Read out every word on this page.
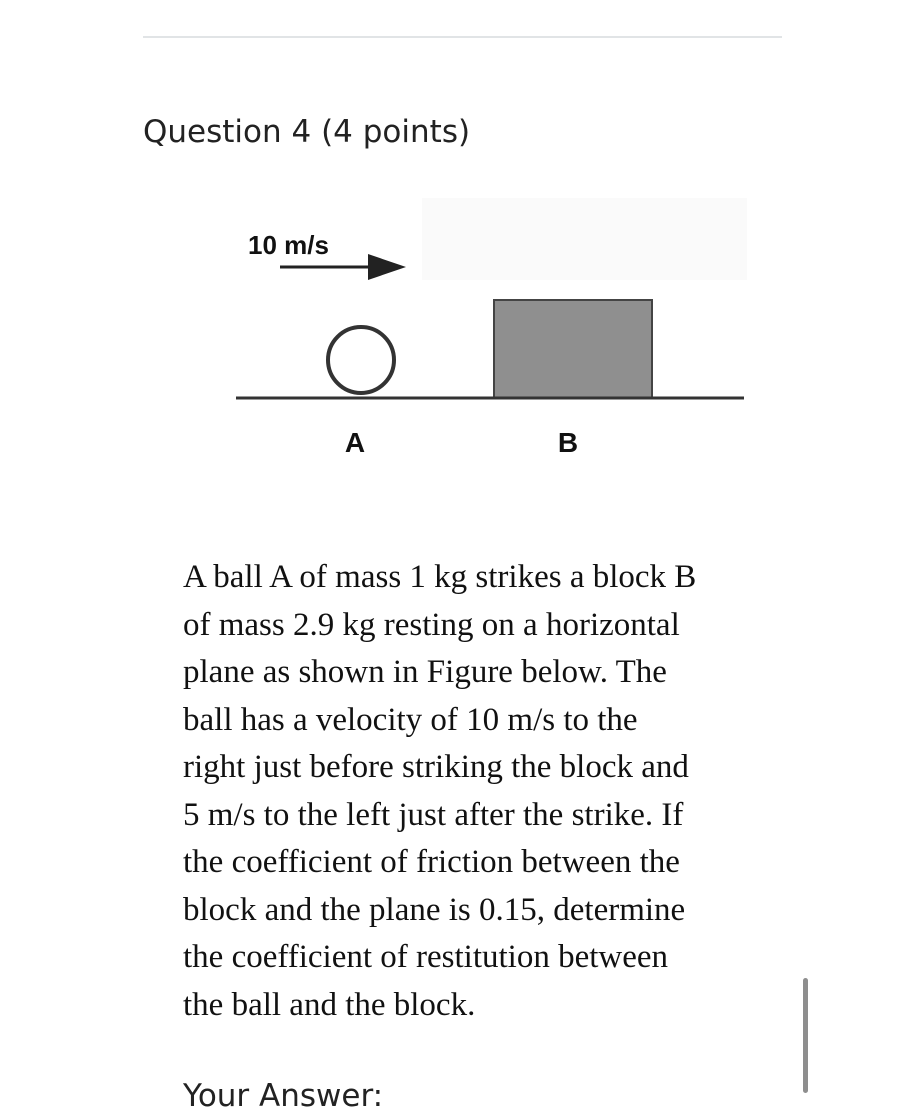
Question 4 (4 points)
10 m/s
A	B
A ball A of mass 1 kg strikes a block B
of mass 2.9 kg resting on a horizontal
plane as shown in Figure below. The
ball has a velocity of 10 m/s to the
right just before striking the block and
5 m/s to the left just after the strike. If
the coefficient of friction between the
block and the plane is 0.15, determine
the coefficient of restitution between
the ball and the block.
Your Answer:
